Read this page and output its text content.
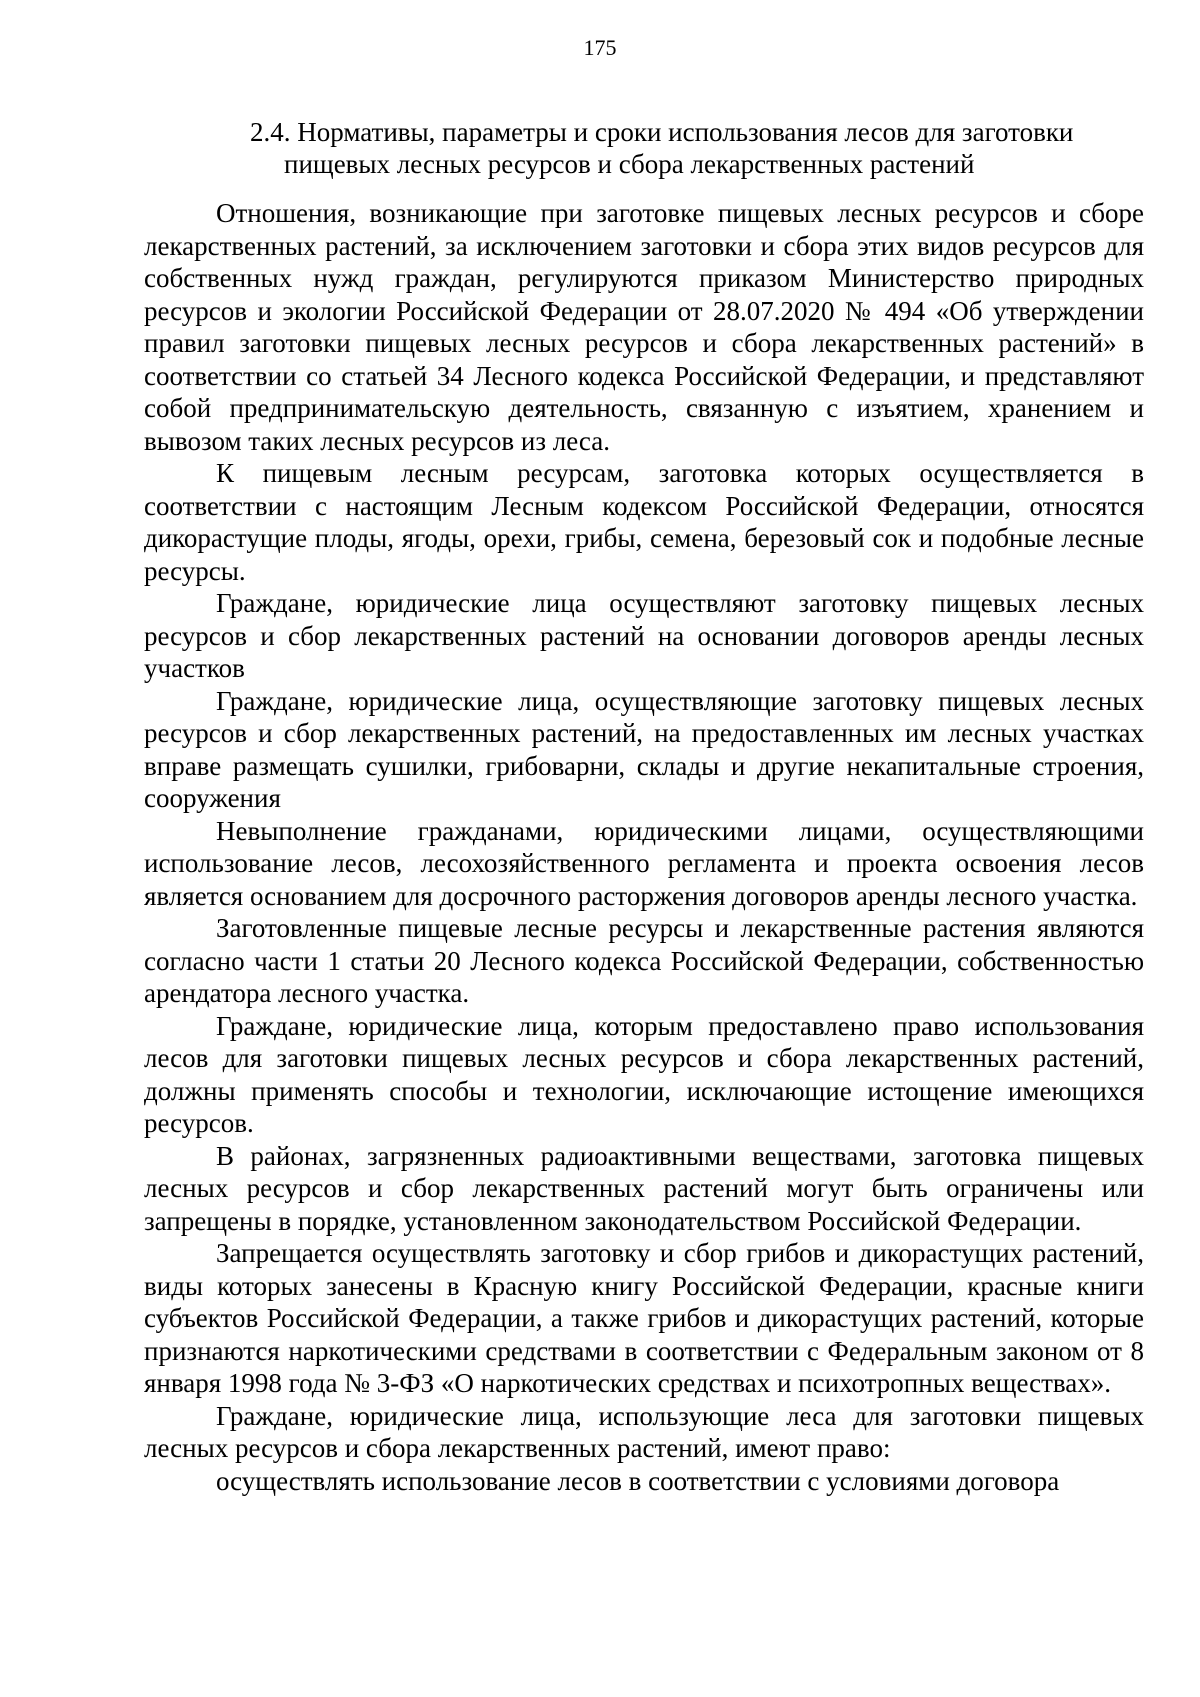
175
2.4. Нормативы, параметры и сроки использования лесов для заготовки
пищевых лесных ресурсов и сбора лекарственных растений

Отношения, возникающие при заготовке пищевых лесных ресурсов и сборе лекарственных растений, за исключением заготовки и сбора этих видов ресурсов для собственных нужд граждан, регулируются приказом Министерство природных ресурсов и экологии Российской Федерации от 28.07.2020 № 494 «Об утверждении правил заготовки пищевых лесных ресурсов и сбора лекарственных растений» в соответствии со статьей 34 Лесного кодекса Российской Федерации, и представляют собой предпринимательскую деятельность, связанную с изъятием, хранением и вывозом таких лесных ресурсов из леса.

К пищевым лесным ресурсам, заготовка которых осуществляется в соответствии с настоящим Лесным кодексом Российской Федерации, относятся дикорастущие плоды, ягоды, орехи, грибы, семена, березовый сок и подобные лесные ресурсы.

Граждане, юридические лица осуществляют заготовку пищевых лесных ресурсов и сбор лекарственных растений на основании договоров аренды лесных участков

Граждане, юридические лица, осуществляющие заготовку пищевых лесных ресурсов и сбор лекарственных растений, на предоставленных им лесных участках вправе размещать сушилки, грибоварни, склады и другие некапитальные строения, сооружения

Невыполнение гражданами, юридическими лицами, осуществляющими использование лесов, лесохозяйственного регламента и проекта освоения лесов является основанием для досрочного расторжения договоров аренды лесного участка.

Заготовленные пищевые лесные ресурсы и лекарственные растения являются согласно части 1 статьи 20 Лесного кодекса Российской Федерации, собственностью арендатора лесного участка.

Граждане, юридические лица, которым предоставлено право использования лесов для заготовки пищевых лесных ресурсов и сбора лекарственных растений, должны применять способы и технологии, исключающие истощение имеющихся ресурсов.

В районах, загрязненных радиоактивными веществами, заготовка пищевых лесных ресурсов и сбор лекарственных растений могут быть ограничены или запрещены в порядке, установленном законодательством Российской Федерации.

Запрещается осуществлять заготовку и сбор грибов и дикорастущих растений, виды которых занесены в Красную книгу Российской Федерации, красные книги субъектов Российской Федерации, а также грибов и дикорастущих растений, которые признаются наркотическими средствами в соответствии с Федеральным законом от 8 января 1998 года № 3-ФЗ «О наркотических средствах и психотропных веществах».

Граждане, юридические лица, использующие леса для заготовки пищевых лесных ресурсов и сбора лекарственных растений, имеют право:

осуществлять использование лесов в соответствии с условиями договора
